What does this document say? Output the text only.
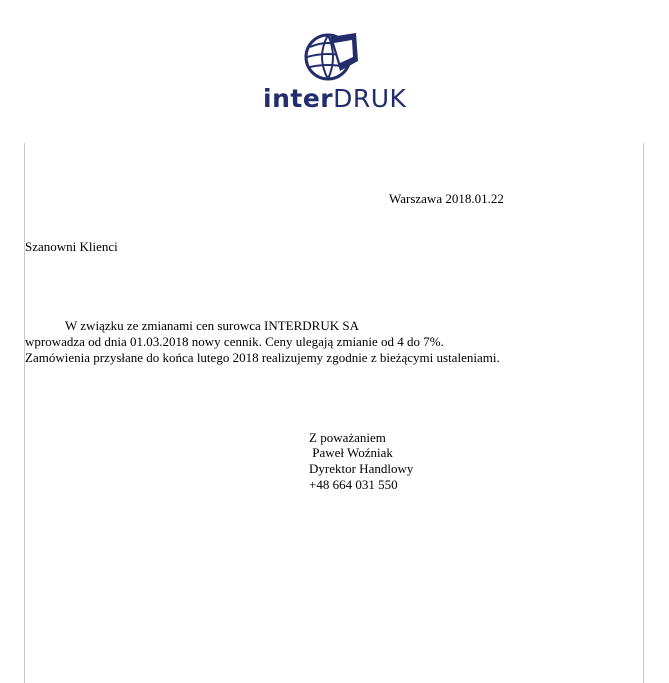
interDRUK
Warszawa 2018.01.22
Szanowni Klienci
W związku ze zmianami cen surowca INTERDRUK SA
wprowadza od dnia 01.03.2018 nowy cennik. Ceny ulegają zmianie od 4 do 7%.
Zamówienia przysłane do końca lutego 2018 realizujemy zgodnie z bieżącymi ustaleniami.
Z poważaniem
Paweł Woźniak
Dyrektor Handlowy
+48 664 031 550
